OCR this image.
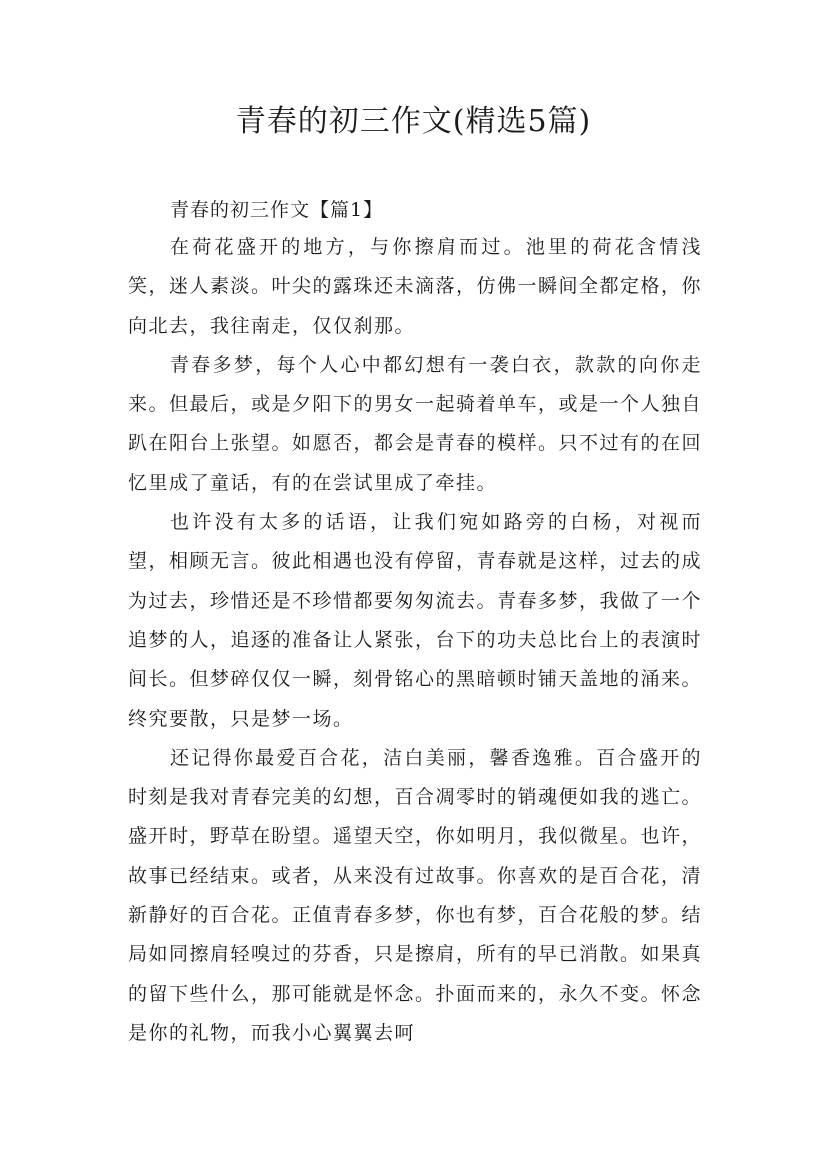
青春的初三作文(精选5篇)

青春的初三作文【篇1】

在荷花盛开的地方，与你擦肩而过。池里的荷花含情浅笑，迷人素淡。叶尖的露珠还未滴落，仿佛一瞬间全都定格，你向北去，我往南走，仅仅刹那。

青春多梦，每个人心中都幻想有一袭白衣，款款的向你走来。但最后，或是夕阳下的男女一起骑着单车，或是一个人独自趴在阳台上张望。如愿否，都会是青春的模样。只不过有的在回忆里成了童话，有的在尝试里成了牵挂。

也许没有太多的话语，让我们宛如路旁的白杨，对视而望，相顾无言。彼此相遇也没有停留，青春就是这样，过去的成为过去，珍惜还是不珍惜都要匆匆流去。青春多梦，我做了一个追梦的人，追逐的准备让人紧张，台下的功夫总比台上的表演时间长。但梦碎仅仅一瞬，刻骨铭心的黑暗顿时铺天盖地的涌来。终究要散，只是梦一场。

还记得你最爱百合花，洁白美丽，馨香逸雅。百合盛开的时刻是我对青春完美的幻想，百合凋零时的销魂便如我的逃亡。盛开时，野草在盼望。遥望天空，你如明月，我似微星。也许，故事已经结束。或者，从来没有过故事。你喜欢的是百合花，清新静好的百合花。正值青春多梦，你也有梦，百合花般的梦。结局如同擦肩轻嗅过的芬香，只是擦肩，所有的早已消散。如果真的留下些什么，那可能就是怀念。扑面而来的，永久不变。怀念是你的礼物，而我小心翼翼去呵
